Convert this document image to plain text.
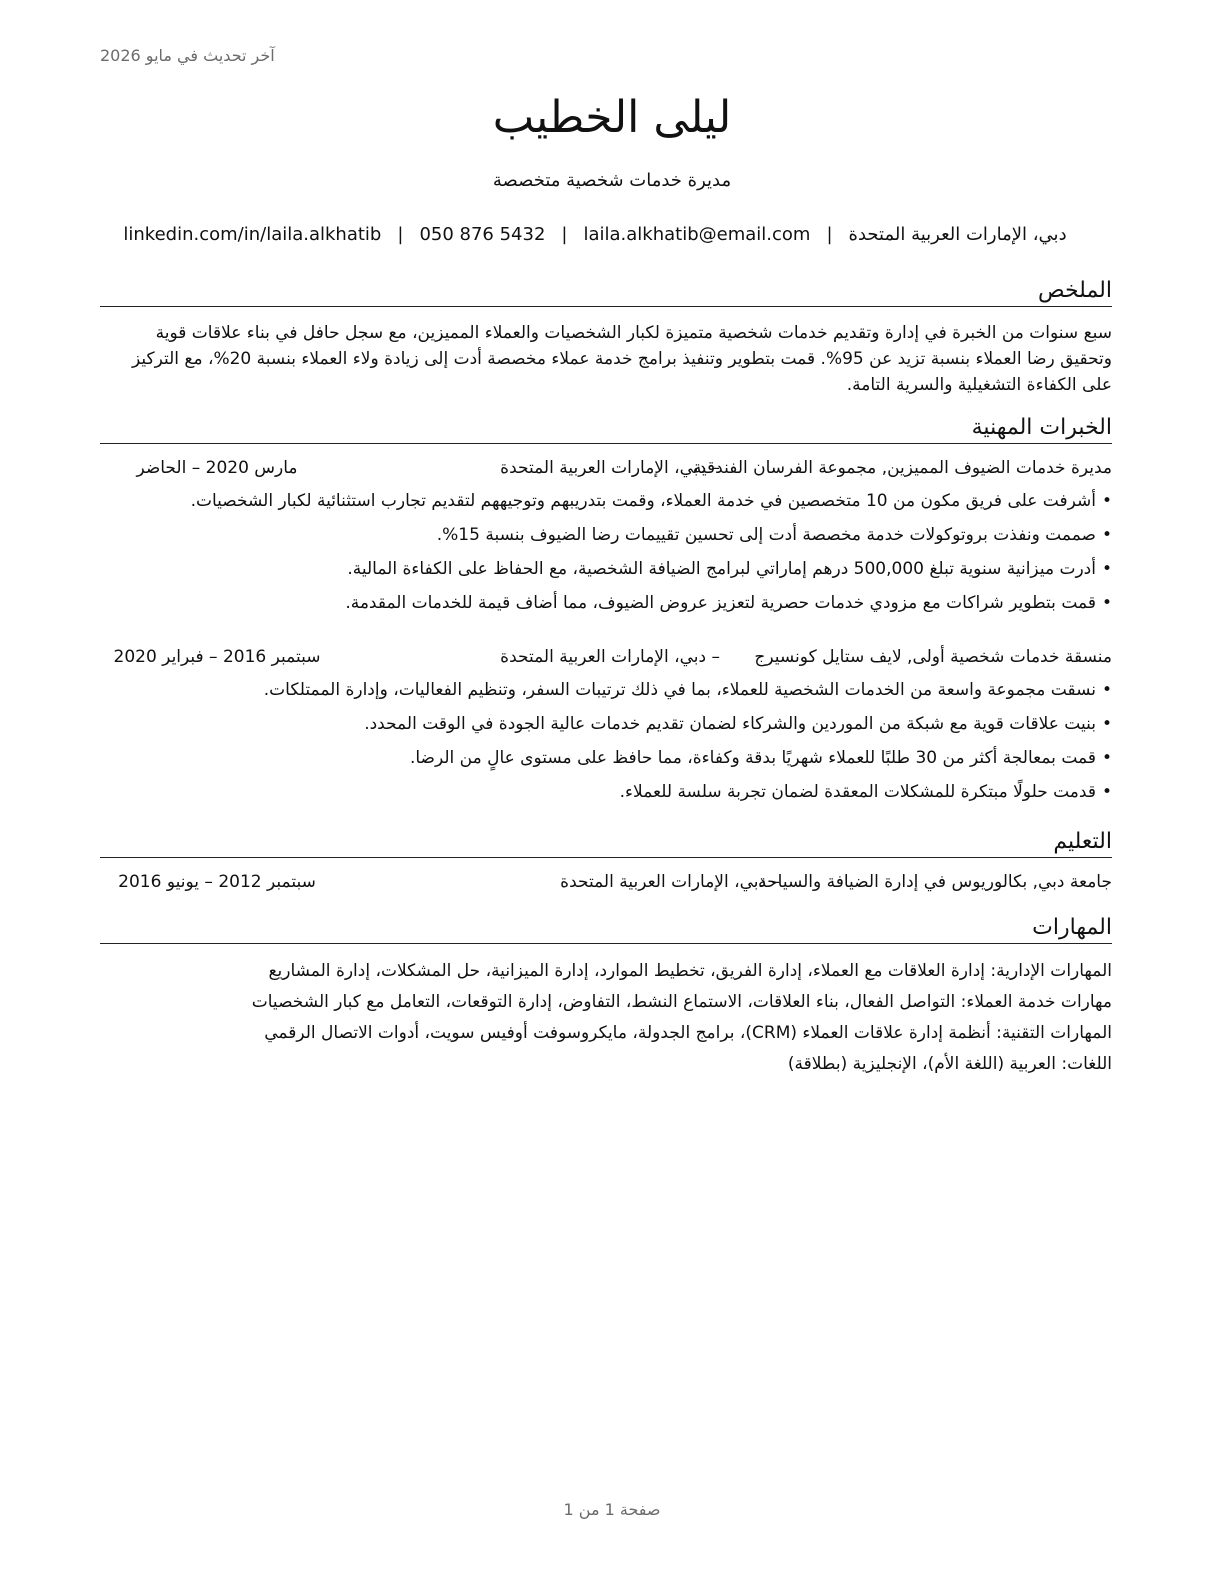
آخر تحديث في مايو 2026
ليلى الخطيب
مديرة خدمات شخصية متخصصة
دبي، الإمارات العربية المتحدة|laila.alkhatib@email.com|050 876 5432|linkedin.com/in/laila.alkhatib
الملخص
سبع سنوات من الخبرة في إدارة وتقديم خدمات شخصية متميزة لكبار الشخصيات والعملاء المميزين، مع سجل حافل في بناء علاقات قوية وتحقيق رضا العملاء بنسبة تزيد عن 95%. قمت بتطوير وتنفيذ برامج خدمة عملاء مخصصة أدت إلى زيادة ولاء العملاء بنسبة 20%، مع التركيز على الكفاءة التشغيلية والسرية التامة.
الخبرات المهنية
مديرة خدمات الضيوف المميزين, مجموعة الفرسان الفندقية
– دبي، الإمارات العربية المتحدة
مارس 2020 – الحاضر
•أشرفت على فريق مكون من 10 متخصصين في خدمة العملاء، وقمت بتدريبهم وتوجيههم لتقديم تجارب استثنائية لكبار الشخصيات.
•صممت ونفذت بروتوكولات خدمة مخصصة أدت إلى تحسين تقييمات رضا الضيوف بنسبة 15%.
•أدرت ميزانية سنوية تبلغ 500,000 درهم إماراتي لبرامج الضيافة الشخصية، مع الحفاظ على الكفاءة المالية.
•قمت بتطوير شراكات مع مزودي خدمات حصرية لتعزيز عروض الضيوف، مما أضاف قيمة للخدمات المقدمة.
منسقة خدمات شخصية أولى, لايف ستايل كونسيرج
– دبي، الإمارات العربية المتحدة
سبتمبر 2016 – فبراير 2020
•نسقت مجموعة واسعة من الخدمات الشخصية للعملاء، بما في ذلك ترتيبات السفر، وتنظيم الفعاليات، وإدارة الممتلكات.
•بنيت علاقات قوية مع شبكة من الموردين والشركاء لضمان تقديم خدمات عالية الجودة في الوقت المحدد.
•قمت بمعالجة أكثر من 30 طلبًا للعملاء شهريًا بدقة وكفاءة، مما حافظ على مستوى عالٍ من الرضا.
•قدمت حلولًا مبتكرة للمشكلات المعقدة لضمان تجربة سلسة للعملاء.
التعليم
جامعة دبي, بكالوريوس في إدارة الضيافة والسياحة
– دبي، الإمارات العربية المتحدة
سبتمبر 2012 – يونيو 2016
المهارات
المهارات الإدارية: إدارة العلاقات مع العملاء، إدارة الفريق، تخطيط الموارد، إدارة الميزانية، حل المشكلات، إدارة المشاريع
مهارات خدمة العملاء: التواصل الفعال، بناء العلاقات، الاستماع النشط، التفاوض، إدارة التوقعات، التعامل مع كبار الشخصيات
المهارات التقنية: أنظمة إدارة علاقات العملاء (CRM)، برامج الجدولة، مايكروسوفت أوفيس سويت، أدوات الاتصال الرقمي
اللغات: العربية (اللغة الأم)، الإنجليزية (بطلاقة)
صفحة 1 من 1
